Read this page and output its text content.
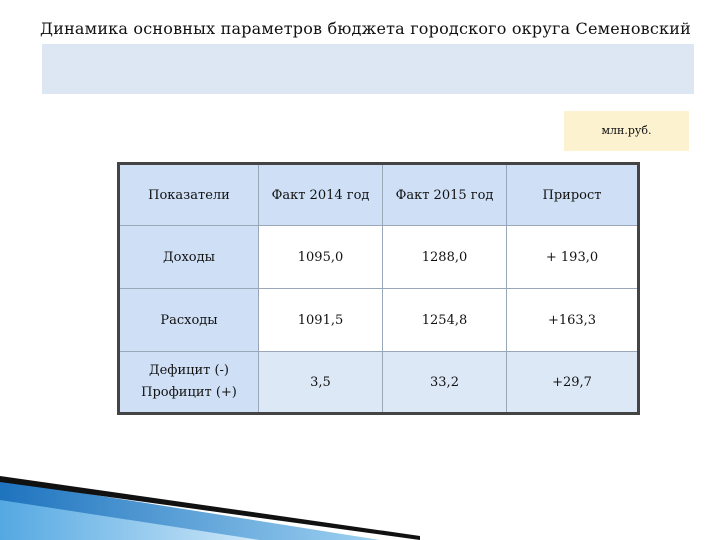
Динамика основных параметров бюджета городского округа Семеновский
млн.руб.
Показатели	Факт 2014 год	Факт 2015 год	Прирост
Доходы	1095,0	1288,0	+ 193,0
Расходы	1091,5	1254,8	+163,3

Дефицит (-)
Профицит (+)	3,5	33,2	+29,7
